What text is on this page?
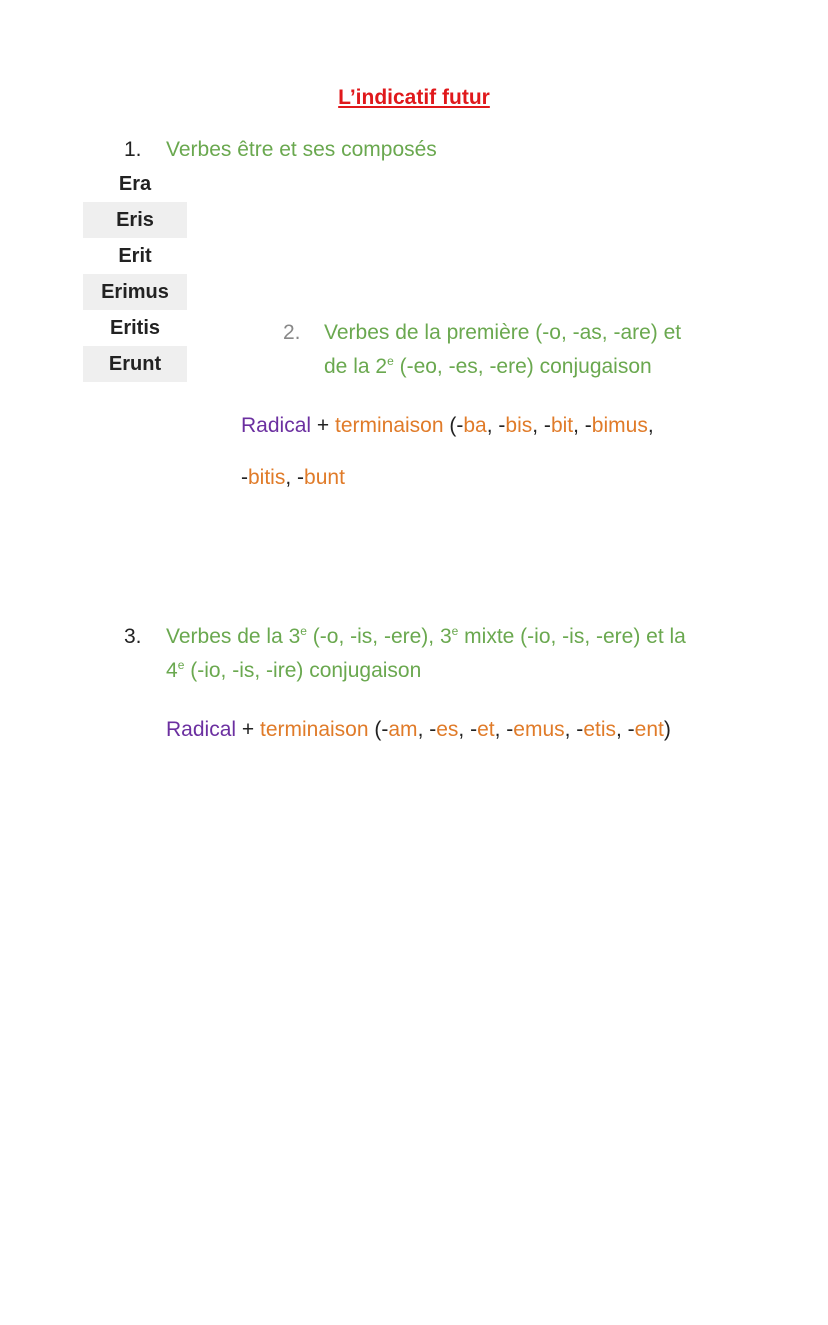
L’indicatif futur
1. Verbes être et ses composés
Era
Eris
Erit
Erimus
Eritis
Erunt
2. Verbes de la première (-o, -as, -are) et
de la 2e (-eo, -es, -ere) conjugaison
Radical + terminaison (-ba, -bis, -bit, -bimus,
-bitis, -bunt
3. Verbes de la 3e (-o, -is, -ere), 3e mixte (-io, -is, -ere) et la
4e (-io, -is, -ire) conjugaison
Radical + terminaison (-am, -es, -et, -emus, -etis, -ent)
